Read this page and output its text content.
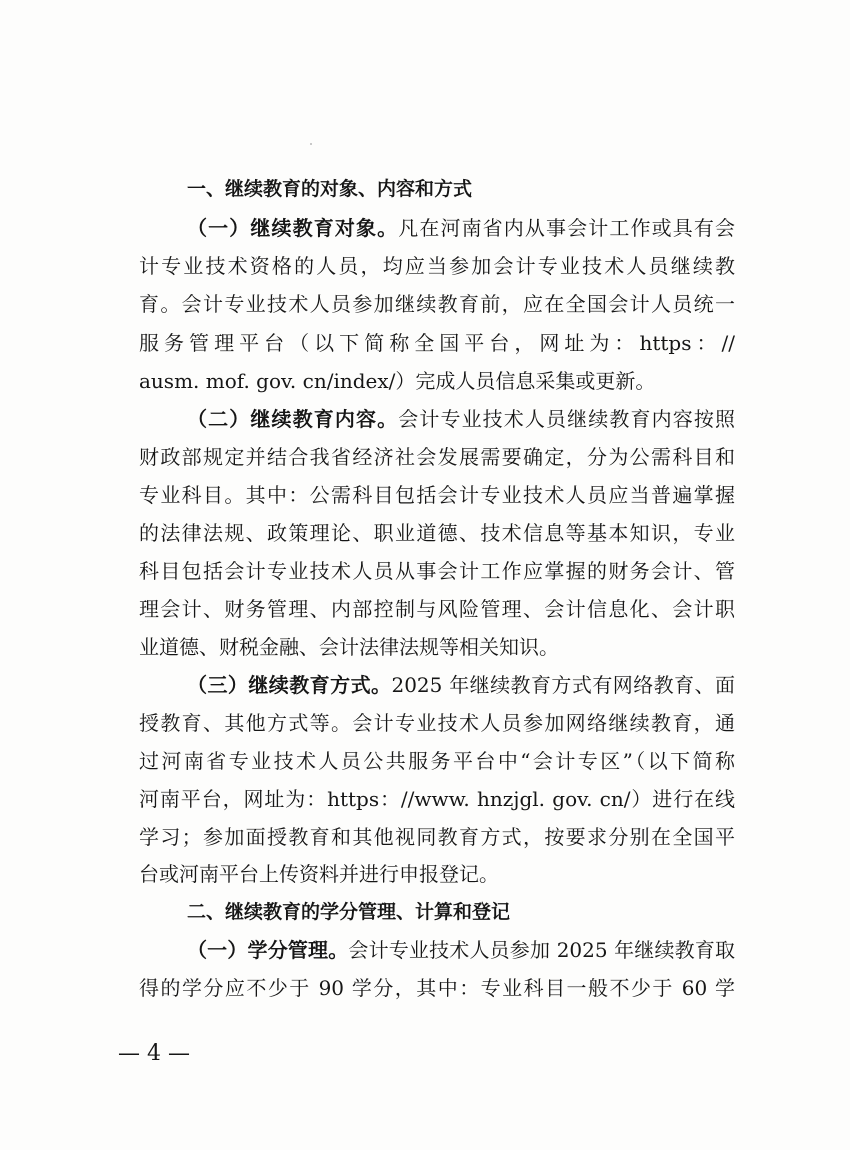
一、继续教育的对象、内容和方式
（一）继续教育对象。凡在河南省内从事会计工作或具有会
计专业技术资格的人员，均应当参加会计专业技术人员继续教
育。会计专业技术人员参加继续教育前，应在全国会计人员统一
服务管理平台（以下简称全国平台，网址为：https：//
ausm. mof. gov. cn/index/）完成人员信息采集或更新。
（二）继续教育内容。会计专业技术人员继续教育内容按照
财政部规定并结合我省经济社会发展需要确定，分为公需科目和
专业科目。其中：公需科目包括会计专业技术人员应当普遍掌握
的法律法规、政策理论、职业道德、技术信息等基本知识，专业
科目包括会计专业技术人员从事会计工作应掌握的财务会计、管
理会计、财务管理、内部控制与风险管理、会计信息化、会计职
业道德、财税金融、会计法律法规等相关知识。
（三）继续教育方式。2025 年继续教育方式有网络教育、面
授教育、其他方式等。会计专业技术人员参加网络继续教育，通
过河南省专业技术人员公共服务平台中“会计专区”（以下简称
河南平台，网址为：https：//www. hnzjgl. gov. cn/）进行在线
学习；参加面授教育和其他视同教育方式，按要求分别在全国平
台或河南平台上传资料并进行申报登记。
二、继续教育的学分管理、计算和登记
（一）学分管理。会计专业技术人员参加 2025 年继续教育取
得的学分应不少于 90 学分，其中：专业科目一般不少于 60 学
— 4 —
